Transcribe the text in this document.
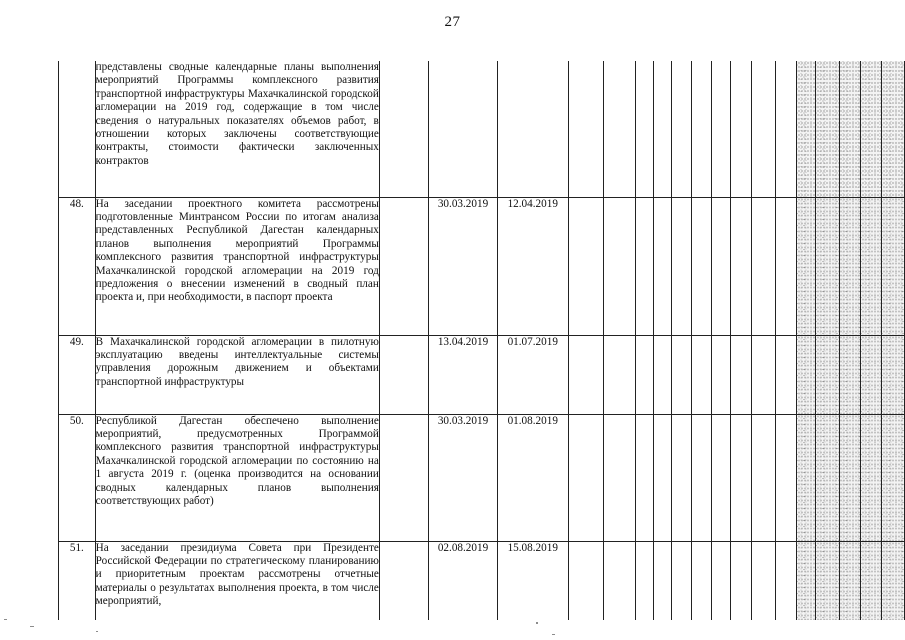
27
	представлены сводные календарные планы выполнения мероприятий Программы комплексного развития транспортной инфраструктуры Махачкалинской городской агломерации на 2019 год, содержащие в том числе сведения о натуральных показателях объемов работ, в отношении которых заключены соответствующие контракты, стоимости фактически заключенных контрактов																		
48.	На заседании проектного комитета рассмотрены подготовленные Минтрансом России по итогам анализа представленных Республикой Дагестан календарных планов выполнения мероприятий Программы комплексного развития транспортной инфраструктуры Махачкалинской городской агломерации на 2019 год предложения о внесении изменений в сводный план проекта и, при необходимости, в паспорт проекта		30.03.2019	12.04.2019															
49.	В Махачкалинской городской агломерации в пилотную эксплуатацию введены интеллектуальные системы управления дорожным движением и объектами транспортной инфраструктуры		13.04.2019	01.07.2019															
50.	Республикой Дагестан обеспечено выполнение мероприятий, предусмотренных Программой комплексного развития транспортной инфраструктуры Махачкалинской городской агломерации по состоянию на 1 августа 2019 г. (оценка производится на основании сводных календарных планов выполнения соответствующих работ)		30.03.2019	01.08.2019															
51.	На заседании президиума Совета при Президенте Российской Федерации по стратегическому планированию и приоритетным проектам рассмотрены отчетные материалы о результатах выполнения проекта, в том числе мероприятий,		02.08.2019	15.08.2019															
